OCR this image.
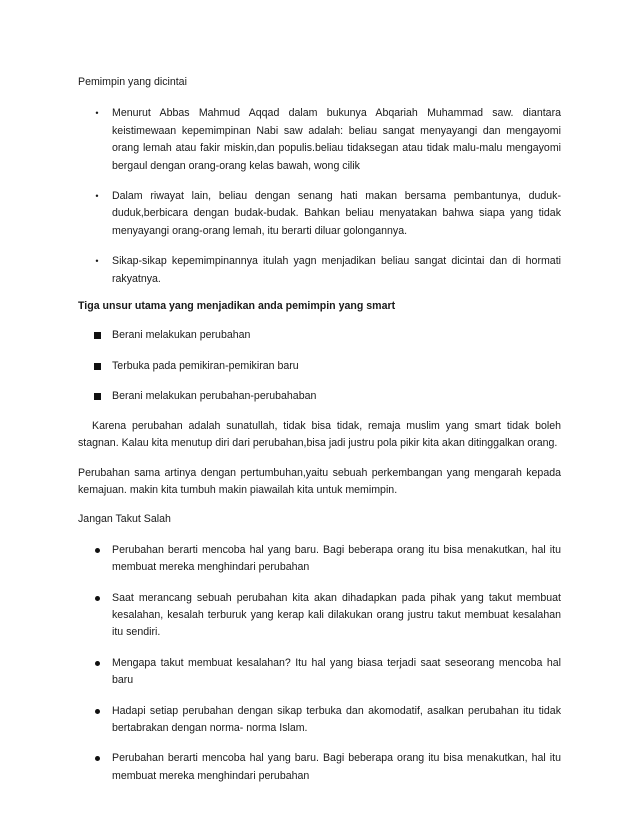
Pemimpin yang dicintai

•	Menurut Abbas Mahmud Aqqad dalam bukunya Abqariah Muhammad saw. diantara keistimewaan kepemimpinan Nabi saw adalah: beliau sangat menyayangi dan mengayomi orang lemah atau fakir miskin,dan populis.beliau tidaksegan atau tidak malu-malu mengayomi bergaul dengan orang-orang kelas bawah, wong cilik
•	Dalam riwayat lain, beliau dengan senang hati makan bersama pembantunya, duduk-duduk,berbicara dengan budak-budak. Bahkan beliau menyatakan bahwa siapa yang tidak menyayangi orang-orang lemah, itu berarti diluar golongannya.
•	Sikap-sikap kepemimpinannya itulah yagn menjadikan beliau sangat dicintai dan di hormati rakyatnya.

Tiga unsur utama yang menjadikan anda pemimpin yang smart

Berani melakukan perubahan
Terbuka pada pemikiran-pemikiran baru
Berani melakukan perubahan-perubahaban

Karena perubahan adalah sunatullah, tidak bisa tidak, remaja muslim yang smart tidak boleh stagnan. Kalau kita menutup diri dari perubahan,bisa jadi justru pola pikir kita akan ditinggalkan orang.

Perubahan sama artinya dengan pertumbuhan,yaitu sebuah perkembangan yang mengarah kepada kemajuan. makin kita tumbuh makin piawailah kita untuk memimpin.

Jangan Takut Salah

Perubahan berarti mencoba hal yang baru. Bagi beberapa orang itu bisa menakutkan, hal itu membuat mereka menghindari perubahan
Saat merancang sebuah perubahan kita akan dihadapkan pada pihak yang takut membuat kesalahan, kesalah terburuk yang kerap kali dilakukan orang justru takut membuat kesalahan itu sendiri.
Mengapa takut membuat kesalahan? Itu hal yang biasa terjadi saat seseorang mencoba hal baru
Hadapi setiap perubahan dengan sikap terbuka dan akomodatif, asalkan perubahan itu tidak bertabrakan dengan norma- norma Islam.
Perubahan berarti mencoba hal yang baru. Bagi beberapa orang itu bisa menakutkan, hal itu membuat mereka menghindari perubahan
